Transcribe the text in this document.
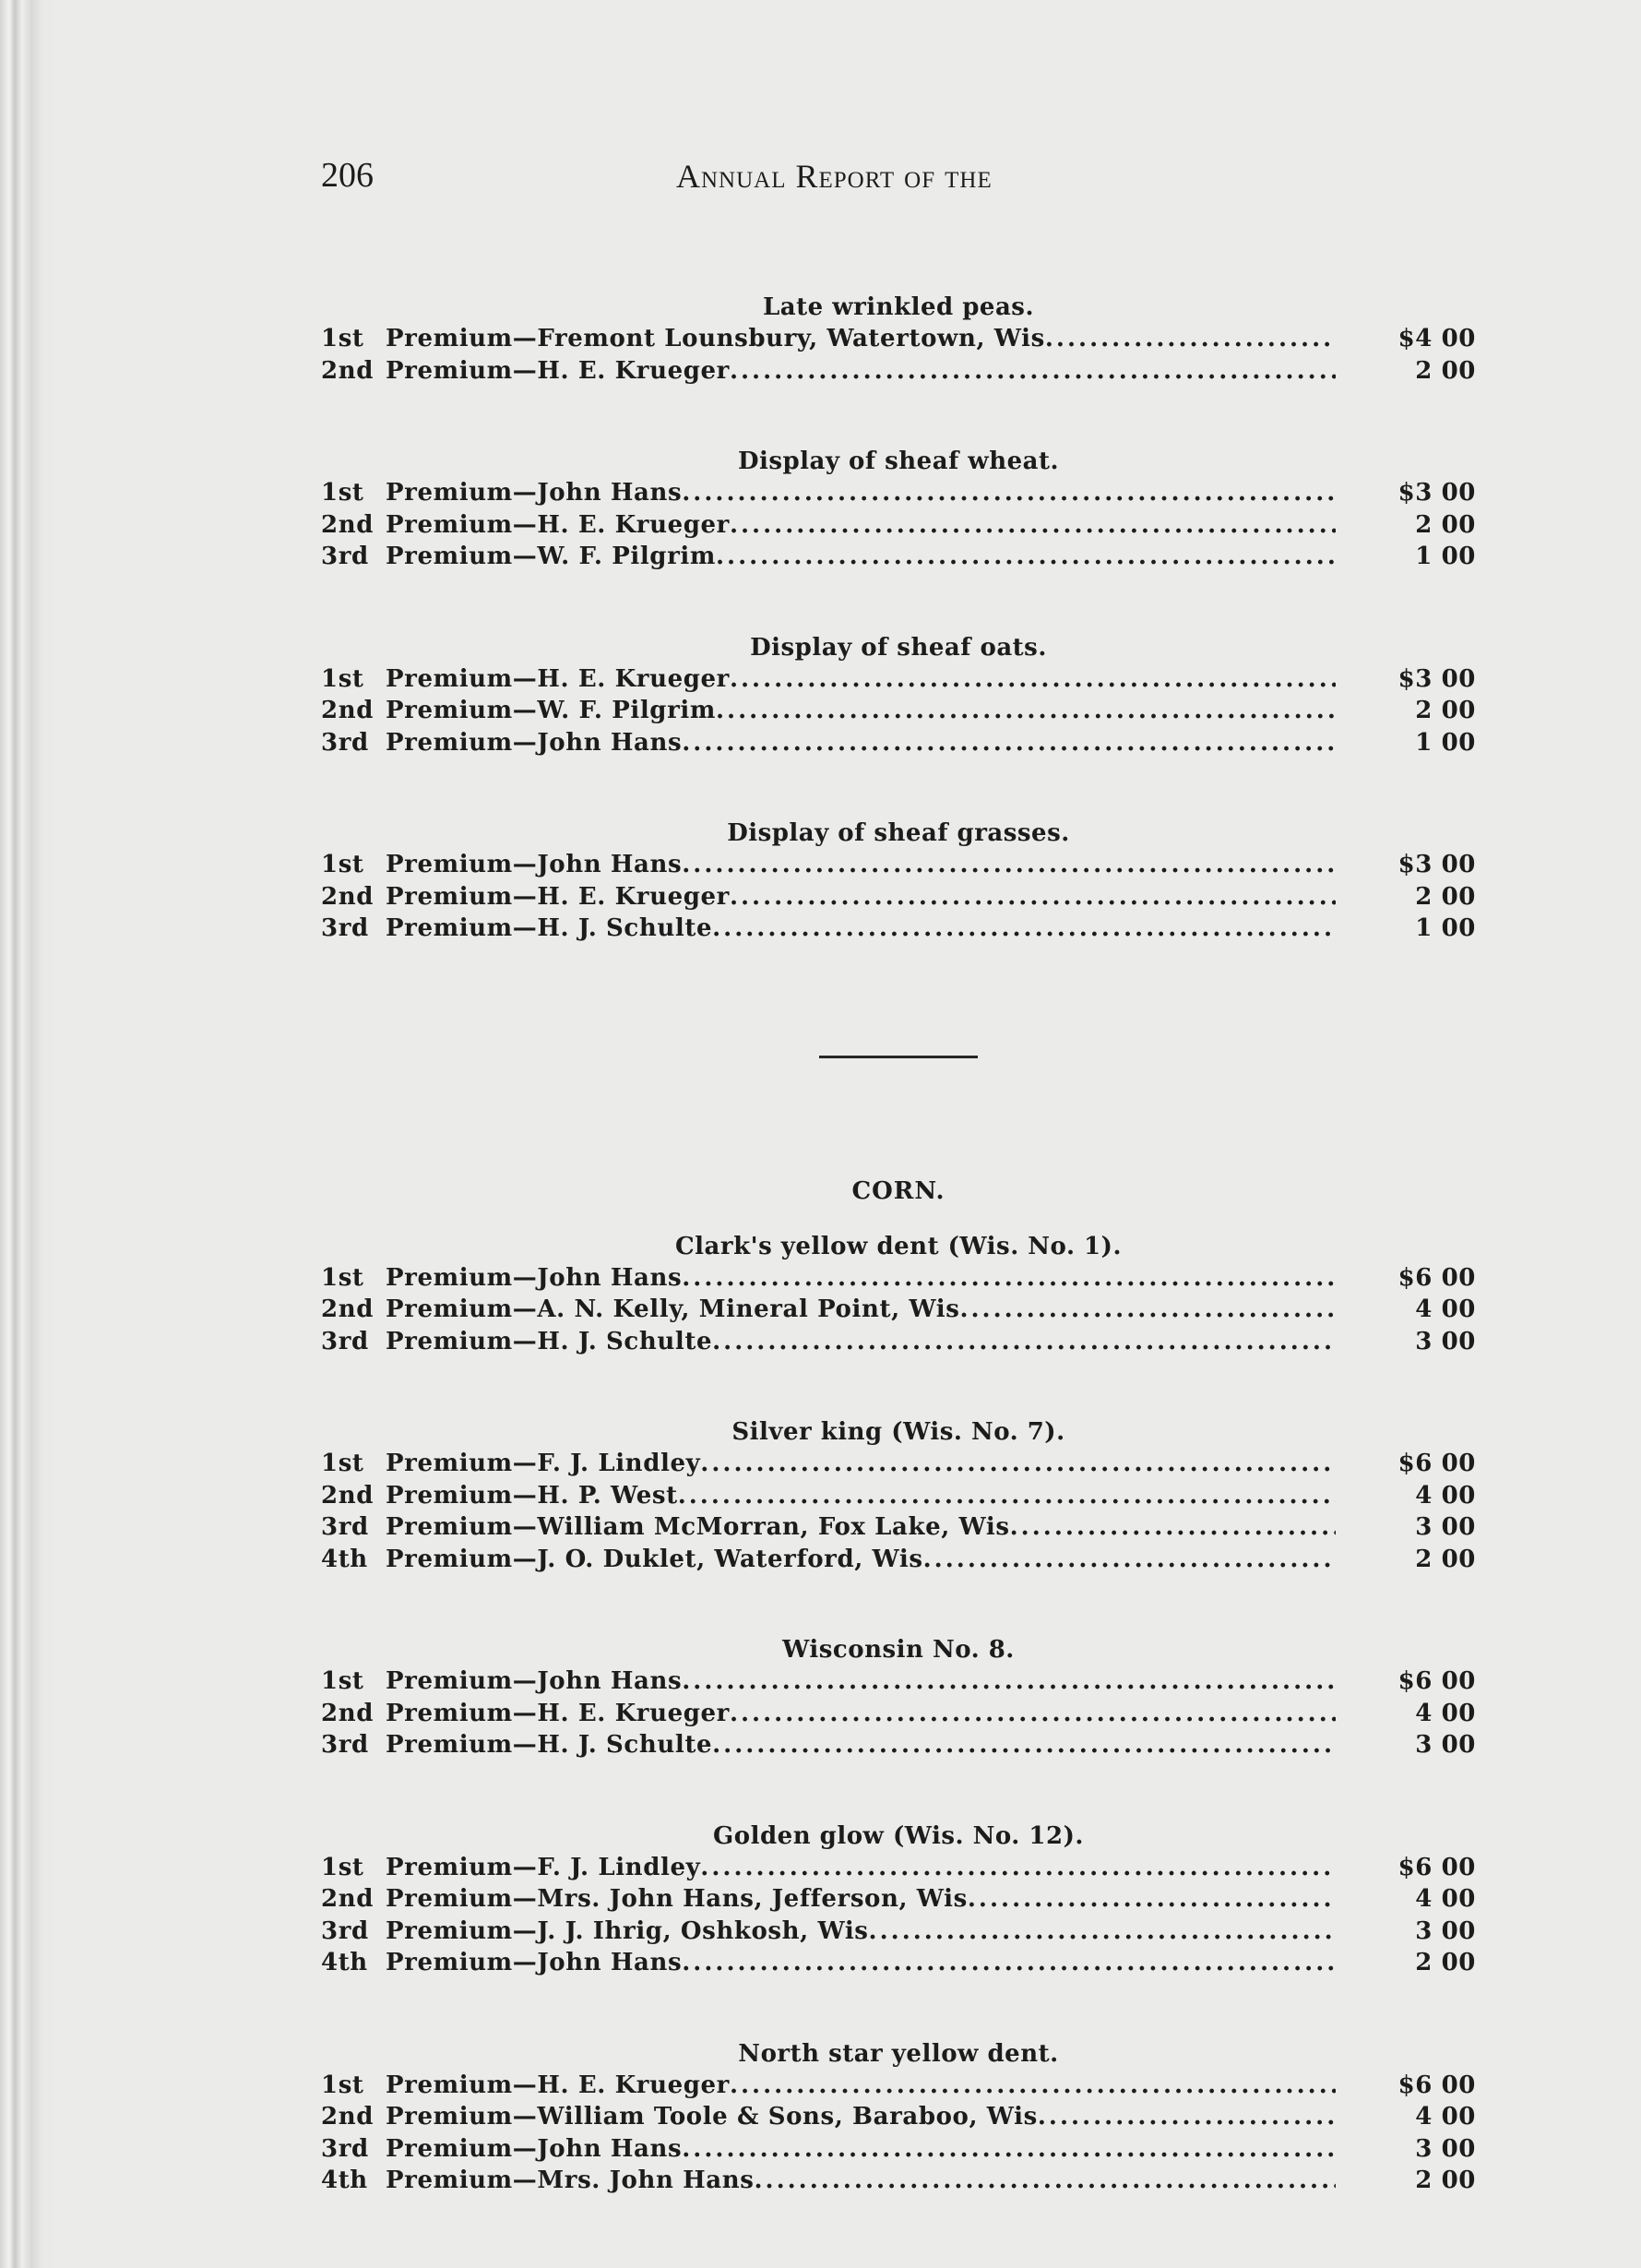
206	Annual Report of the
Late wrinkled peas.
1st Premium—Fremont Lounsbury, Watertown, Wis .....	$4 00
2nd Premium—H. E. Krueger .....	2 00
Display of sheaf wheat.
1st Premium—John Hans .....	$3 00
2nd Premium—H. E. Krueger .....	2 00
3rd Premium—W. F. Pilgrim .....	1 00
Display of sheaf oats.
1st Premium—H. E. Krueger .....	$3 00
2nd Premium—W. F. Pilgrim .....	2 00
3rd Premium—John Hans .....	1 00
Display of sheaf grasses.
1st Premium—John Hans .....	$3 00
2nd Premium—H. E. Krueger .....	2 00
3rd Premium—H. J. Schulte .....	1 00
CORN.
Clark's yellow dent (Wis. No. 1).
1st Premium—John Hans .....	$6 00
2nd Premium—A. N. Kelly, Mineral Point, Wis .....	4 00
3rd Premium—H. J. Schulte .....	3 00
Silver king (Wis. No. 7).
1st Premium—F. J. Lindley .....	$6 00
2nd Premium—H. P. West .....	4 00
3rd Premium—William McMorran, Fox Lake, Wis .....	3 00
4th Premium—J. O. Duklet, Waterford, Wis .....	2 00
Wisconsin No. 8.
1st Premium—John Hans .....	$6 00
2nd Premium—H. E. Krueger .....	4 00
3rd Premium—H. J. Schulte .....	3 00
Golden glow (Wis. No. 12).
1st Premium—F. J. Lindley .....	$6 00
2nd Premium—Mrs. John Hans, Jefferson, Wis .....	4 00
3rd Premium—J. J. Ihrig, Oshkosh, Wis .....	3 00
4th Premium—John Hans .....	2 00
North star yellow dent.
1st Premium—H. E. Krueger .....	$6 00
2nd Premium—William Toole & Sons, Baraboo, Wis .....	4 00
3rd Premium—John Hans .....	3 00
4th Premium—Mrs. John Hans .....	2 00
